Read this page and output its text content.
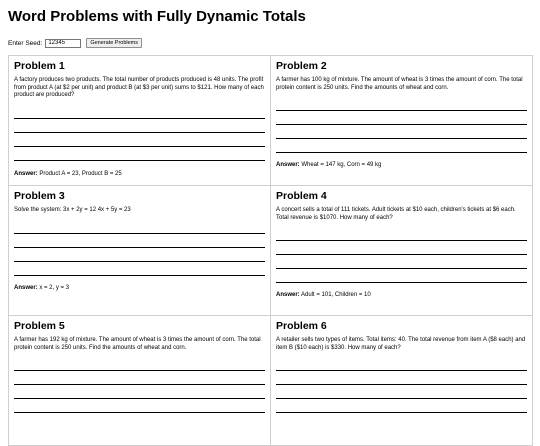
Word Problems with Fully Dynamic Totals
Enter Seed:
12345	Generate Problems
Problem 1

A factory produces two products. The total number of products produced is 48 units. The profit from product A (at $2 per unit) and product B (at $3 per unit) sums to $121. How many of each product are produced?

Answer: Product A = 23, Product B = 25
Problem 2

A farmer has 100 kg of mixture. The amount of wheat is 3 times the amount of corn. The total protein content is 250 units. Find the amounts of wheat and corn.

Answer: Wheat = 147 kg, Corn = 49 kg
Problem 3

Solve the system: 3x + 2y = 12 4x + 5y = 23

Answer: x = 2, y = 3
Problem 4

A concert sells a total of 111 tickets. Adult tickets at $10 each, children's tickets at $6 each. Total revenue is $1070. How many of each?

Answer: Adult = 101, Children = 10
Problem 5

A farmer has 192 kg of mixture. The amount of wheat is 3 times the amount of corn. The total protein content is 250 units. Find the amounts of wheat and corn.

Problem 6

A retailer sells two types of items. Total items: 40. The total revenue from item A ($8 each) and item B ($10 each) is $330. How many of each?
